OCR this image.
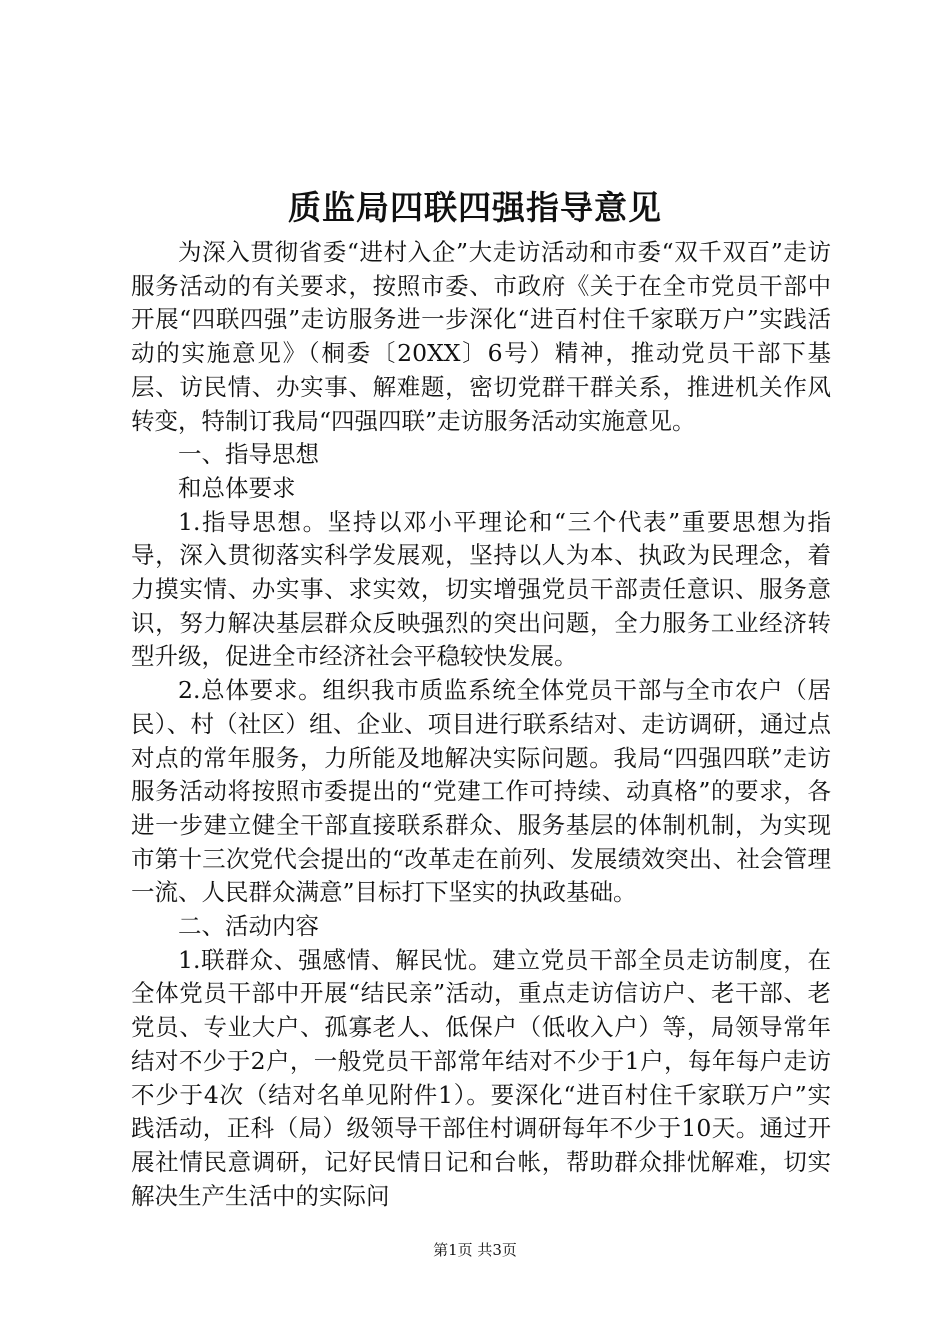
质监局四联四强指导意见

为深入贯彻省委“进村入企”大走访活动和市委“双千双百”走访服务活动的有关要求，按照市委、市政府《关于在全市党员干部中开展“四联四强”走访服务进一步深化“进百村住千家联万户”实践活动的实施意见》（桐委〔20XX〕6号）精神，推动党员干部下基层、访民情、办实事、解难题，密切党群干群关系，推进机关作风转变，特制订我局“四强四联”走访服务活动实施意见。

一、指导思想

和总体要求

1.指导思想。坚持以邓小平理论和“三个代表”重要思想为指导，深入贯彻落实科学发展观，坚持以人为本、执政为民理念，着力摸实情、办实事、求实效，切实增强党员干部责任意识、服务意识，努力解决基层群众反映强烈的突出问题，全力服务工业经济转型升级，促进全市经济社会平稳较快发展。

2.总体要求。组织我市质监系统全体党员干部与全市农户（居民）、村（社区）组、企业、项目进行联系结对、走访调研，通过点对点的常年服务，力所能及地解决实际问题。我局“四强四联”走访服务活动将按照市委提出的“党建工作可持续、动真格”的要求，各进一步建立健全干部直接联系群众、服务基层的体制机制，为实现市第十三次党代会提出的“改革走在前列、发展绩效突出、社会管理一流、人民群众满意”目标打下坚实的执政基础。

二、活动内容

1.联群众、强感情、解民忧。建立党员干部全员走访制度，在全体党员干部中开展“结民亲”活动，重点走访信访户、老干部、老党员、专业大户、孤寡老人、低保户（低收入户）等，局领导常年结对不少于2户，一般党员干部常年结对不少于1户，每年每户走访不少于4次（结对名单见附件1）。要深化“进百村住千家联万户”实践活动，正科（局）级领导干部住村调研每年不少于10天。通过开展社情民意调研，记好民情日记和台帐，帮助群众排忧解难，切实解决生产生活中的实际问

第1页 共3页
